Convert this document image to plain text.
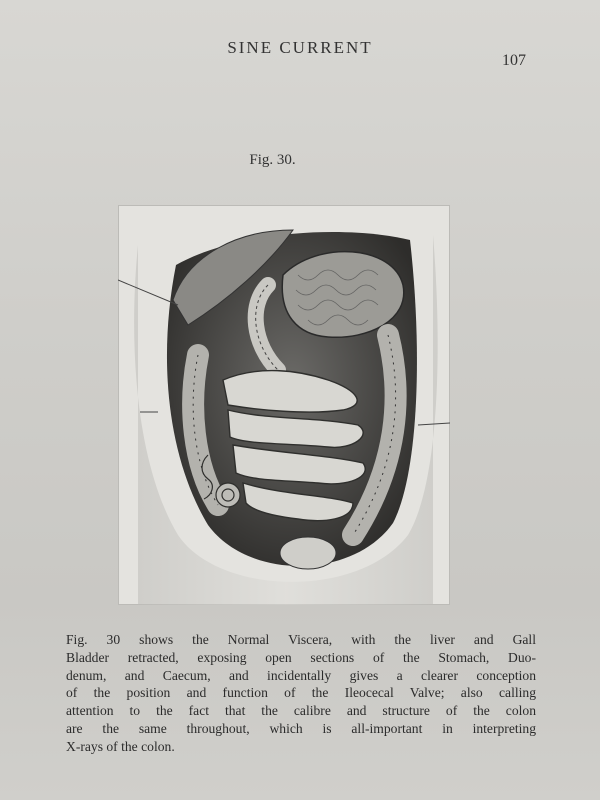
SINE CURRENT
107
Fig. 30.
Fig. 30 shows the Normal Viscera, with the liver and Gall
Bladder retracted, exposing open sections of the Stomach, Duo-
denum, and Caecum, and incidentally gives a clearer conception
of the position and function of the Ileocecal Valve; also calling
attention to the fact that the calibre and structure of the colon
are the same throughout, which is all-important in interpreting
X-rays of the colon.
